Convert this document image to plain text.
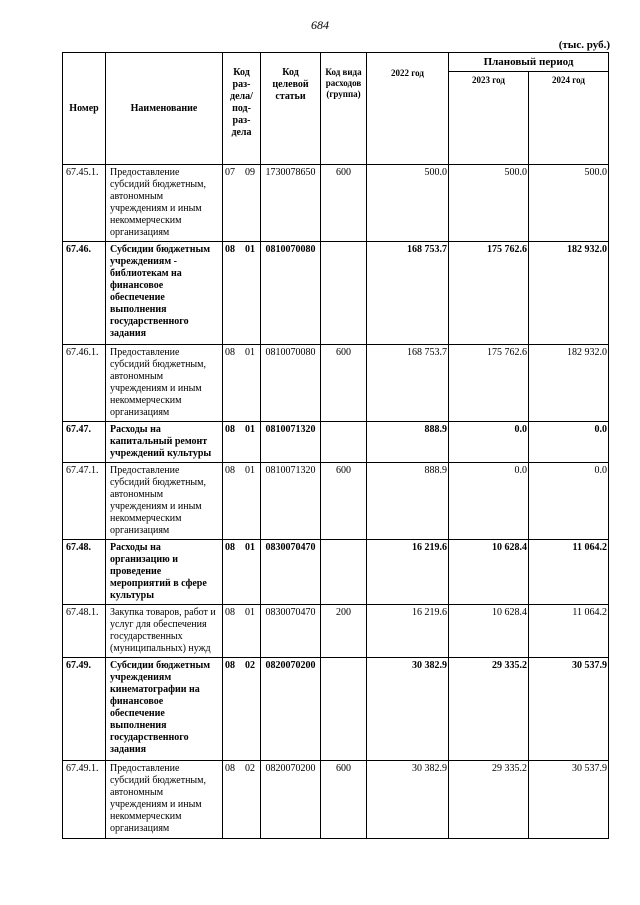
684
(тыс. руб.)
Номер	Наименование	Код раз-дела/ под-раз-дела	Код целевой статьи	Код вида расходов (группа)	2022 год	Плановый период	
						2023 год	2024 год
67.45.1.	Предоставление субсидий бюджетным, автономным учреждениям и иным некоммерческим организациям	07 09	1730078650	600	500.0	500.0	500.0
67.46.	Субсидии бюджетным учреждениям - библиотекам на финансовое обеспечение выполнения государственного задания	08 01	0810070080		168 753.7	175 762.6	182 932.0
67.46.1.	Предоставление субсидий бюджетным, автономным учреждениям и иным некоммерческим организациям	08 01	0810070080	600	168 753.7	175 762.6	182 932.0
67.47.	Расходы на капитальный ремонт учреждений культуры	08 01	0810071320		888.9	0.0	0.0
67.47.1.	Предоставление субсидий бюджетным, автономным учреждениям и иным некоммерческим организациям	08 01	0810071320	600	888.9	0.0	0.0
67.48.	Расходы на организацию и проведение мероприятий в сфере культуры	08 01	0830070470		16 219.6	10 628.4	11 064.2
67.48.1.	Закупка товаров, работ и услуг для обеспечения государственных (муниципальных) нужд	08 01	0830070470	200	16 219.6	10 628.4	11 064.2
67.49.	Субсидии бюджетным учреждениям кинематографии на финансовое обеспечение выполнения государственного задания	08 02	0820070200		30 382.9	29 335.2	30 537.9
67.49.1.	Предоставление субсидий бюджетным, автономным учреждениям и иным некоммерческим организациям	08 02	0820070200	600	30 382.9	29 335.2	30 537.9
